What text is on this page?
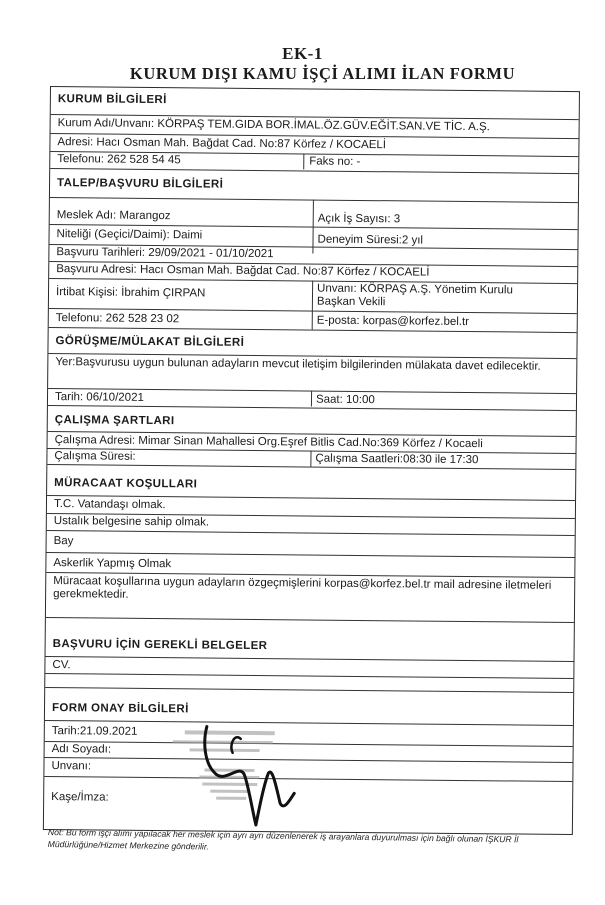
EK-1
KURUM DIŞI KAMU İŞÇİ ALIMI İLAN FORMU
KURUM BİLGİLERİ
Kurum Adı/Unvanı: KÖRPAŞ TEM.GIDA BOR.İMAL.ÖZ.GÜV.EĞİT.SAN.VE TİC. A.Ş.
Adresi: Hacı Osman Mah. Bağdat Cad. No:87 Körfez / KOCAELİ
Telefonu: 262 528 54 45	Faks no: -
TALEP/BAŞVURU BİLGİLERİ
Meslek Adı: Marangoz	Açık İş Sayısı: 3
Niteliği (Geçici/Daimi): Daimi	Deneyim Süresi:2 yıl
Başvuru Tarihleri: 29/09/2021 - 01/10/2021
Başvuru Adresi: Hacı Osman Mah. Bağdat Cad. No:87 Körfez / KOCAELİ
İrtibat Kişisi: İbrahim ÇIRPAN	Unvanı: KÖRPAŞ A.Ş. Yönetim Kurulu
Başkan Vekili
Telefonu: 262 528 23 02	E-posta: korpas@korfez.bel.tr
GÖRÜŞME/MÜLAKAT BİLGİLERİ
Yer:Başvurusu uygun bulunan adayların mevcut iletişim bilgilerinden mülakata davet edilecektir.
Tarih: 06/10/2021	Saat: 10:00
ÇALIŞMA ŞARTLARI
Çalışma Adresi: Mimar Sinan Mahallesi Org.Eşref Bitlis Cad.No:369 Körfez / Kocaeli
Çalışma Süresi:	Çalışma Saatleri:08:30 ile 17:30
MÜRACAAT KOŞULLARI
T.C. Vatandaşı olmak.
Ustalık belgesine sahip olmak.
Bay
Askerlik Yapmış Olmak
Müracaat koşullarına uygun adayların özgeçmişlerini korpas@korfez.bel.tr mail adresine iletmeleri gerekmektedir.
BAŞVURU İÇİN GEREKLİ BELGELER
CV.
FORM ONAY BİLGİLERİ
Tarih:21.09.2021
Adı Soyadı:
Unvanı:
Kaşe/İmza:
Not: Bu form işçi alımı yapılacak her meslek için ayrı ayrı düzenlenerek iş arayanlara duyurulması için bağlı olunan İŞKUR İl Müdürlüğüne/Hizmet Merkezine gönderilir.
